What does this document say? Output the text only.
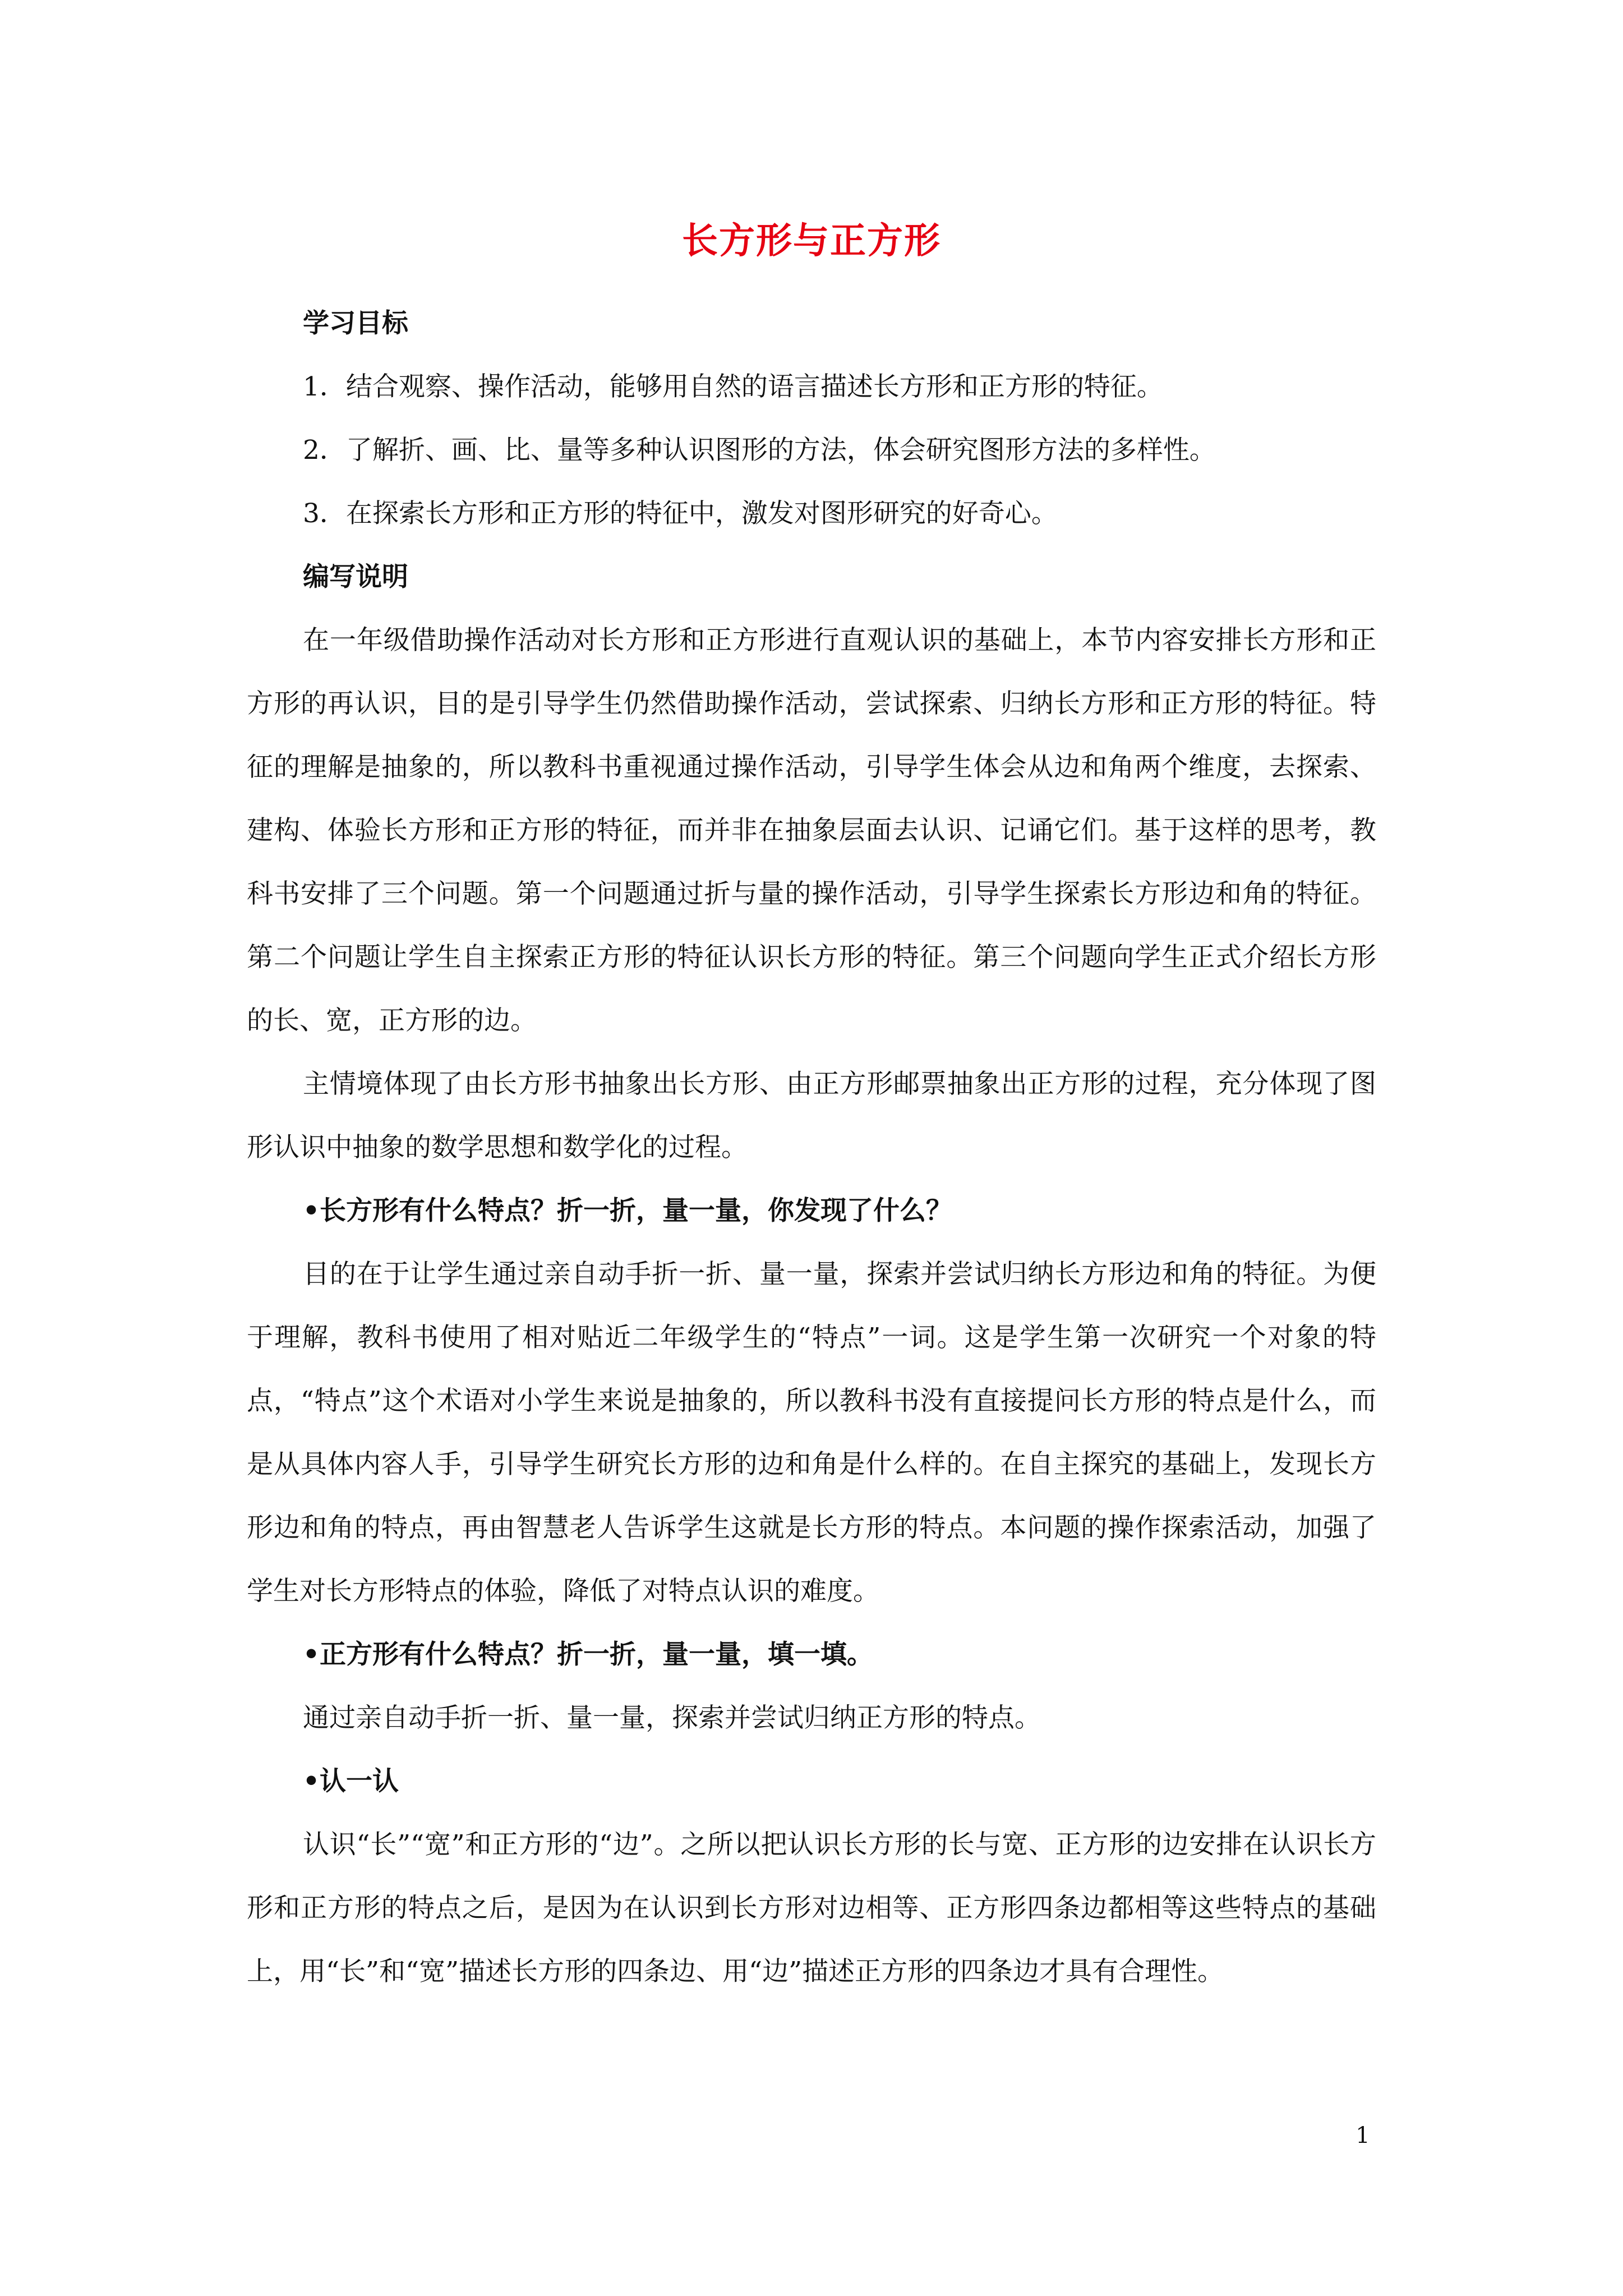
长方形与正方形

学习目标

1．结合观察、操作活动，能够用自然的语言描述长方形和正方形的特征。

2．了解折、画、比、量等多种认识图形的方法，体会研究图形方法的多样性。

3．在探索长方形和正方形的特征中，激发对图形研究的好奇心。

编写说明

在一年级借助操作活动对长方形和正方形进行直观认识的基础上，本节内容安排长方形和正方形的再认识，目的是引导学生仍然借助操作活动，尝试探索、归纳长方形和正方形的特征。特征的理解是抽象的，所以教科书重视通过操作活动，引导学生体会从边和角两个维度，去探索、建构、体验长方形和正方形的特征，而并非在抽象层面去认识、记诵它们。基于这样的思考，教科书安排了三个问题。第一个问题通过折与量的操作活动，引导学生探索长方形边和角的特征。第二个问题让学生自主探索正方形的特征认识长方形的特征。第三个问题向学生正式介绍长方形的长、宽，正方形的边。

主情境体现了由长方形书抽象出长方形、由正方形邮票抽象出正方形的过程，充分体现了图形认识中抽象的数学思想和数学化的过程。

•长方形有什么特点？折一折，量一量，你发现了什么？

目的在于让学生通过亲自动手折一折、量一量，探索并尝试归纳长方形边和角的特征。为便于理解，教科书使用了相对贴近二年级学生的“特点”一词。这是学生第一次研究一个对象的特点，“特点”这个术语对小学生来说是抽象的，所以教科书没有直接提问长方形的特点是什么，而是从具体内容人手，引导学生研究长方形的边和角是什么样的。在自主探究的基础上，发现长方形边和角的特点，再由智慧老人告诉学生这就是长方形的特点。本问题的操作探索活动，加强了学生对长方形特点的体验，降低了对特点认识的难度。

•正方形有什么特点？折一折，量一量，填一填。

通过亲自动手折一折、量一量，探索并尝试归纳正方形的特点。

•认一认

认识“长”“宽”和正方形的“边”。之所以把认识长方形的长与宽、正方形的边安排在认识长方形和正方形的特点之后，是因为在认识到长方形对边相等、正方形四条边都相等这些特点的基础上，用“长”和“宽”描述长方形的四条边、用“边”描述正方形的四条边才具有合理性。

1
